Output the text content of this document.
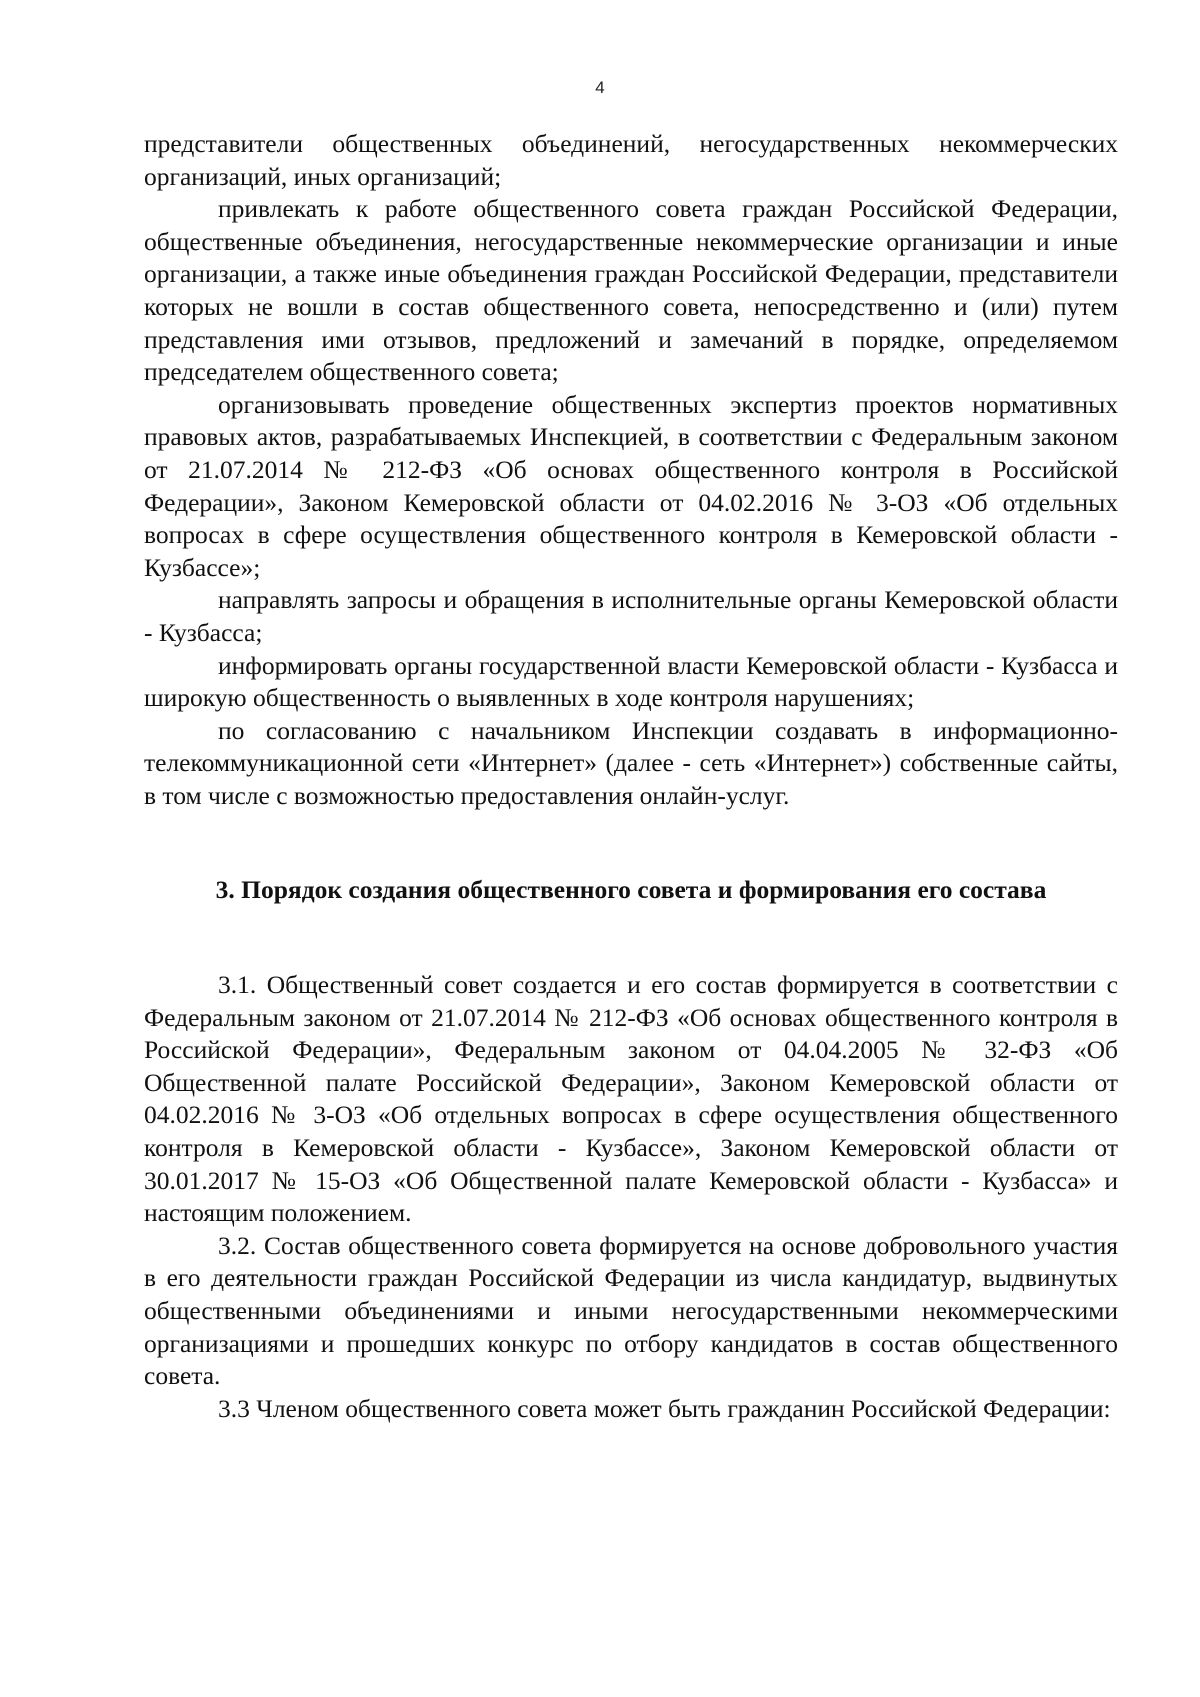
4

представители общественных объединений, негосударственных некоммерческих организаций, иных организаций;

привлекать к работе общественного совета граждан Российской Федерации, общественные объединения, негосударственные некоммерческие организации и иные организации, а также иные объединения граждан Российской Федерации, представители которых не вошли в состав общественного совета, непосредственно и (или) путем представления ими отзывов, предложений и замечаний в порядке, определяемом председателем общественного совета;

организовывать проведение общественных экспертиз проектов нормативных правовых актов, разрабатываемых Инспекцией, в соответствии с Федеральным законом от 21.07.2014 № 212-ФЗ «Об основах общественного контроля в Российской Федерации», Законом Кемеровской области от 04.02.2016 № 3-ОЗ «Об отдельных вопросах в сфере осуществления общественного контроля в Кемеровской области - Кузбассе»;

направлять запросы и обращения в исполнительные органы Кемеровской области - Кузбасса;

информировать органы государственной власти Кемеровской области - Кузбасса и широкую общественность о выявленных в ходе контроля нарушениях;

по согласованию с начальником Инспекции создавать в информационно-телекоммуникационной сети «Интернет» (далее - сеть «Интернет») собственные сайты, в том числе с возможностью предоставления онлайн-услуг.

3. Порядок создания общественного совета и формирования его состава

3.1. Общественный совет создается и его состав формируется в соответствии с Федеральным законом от 21.07.2014 № 212-ФЗ «Об основах общественного контроля в Российской Федерации», Федеральным законом от 04.04.2005 № 32-ФЗ «Об Общественной палате Российской Федерации», Законом Кемеровской области от 04.02.2016 № 3-ОЗ «Об отдельных вопросах в сфере осуществления общественного контроля в Кемеровской области - Кузбассе», Законом Кемеровской области от 30.01.2017 № 15-ОЗ «Об Общественной палате Кемеровской области - Кузбасса» и настоящим положением.

3.2. Состав общественного совета формируется на основе добровольного участия в его деятельности граждан Российской Федерации из числа кандидатур, выдвинутых общественными объединениями и иными негосударственными некоммерческими организациями и прошедших конкурс по отбору кандидатов в состав общественного совета.

3.3 Членом общественного совета может быть гражданин Российской Федерации:
